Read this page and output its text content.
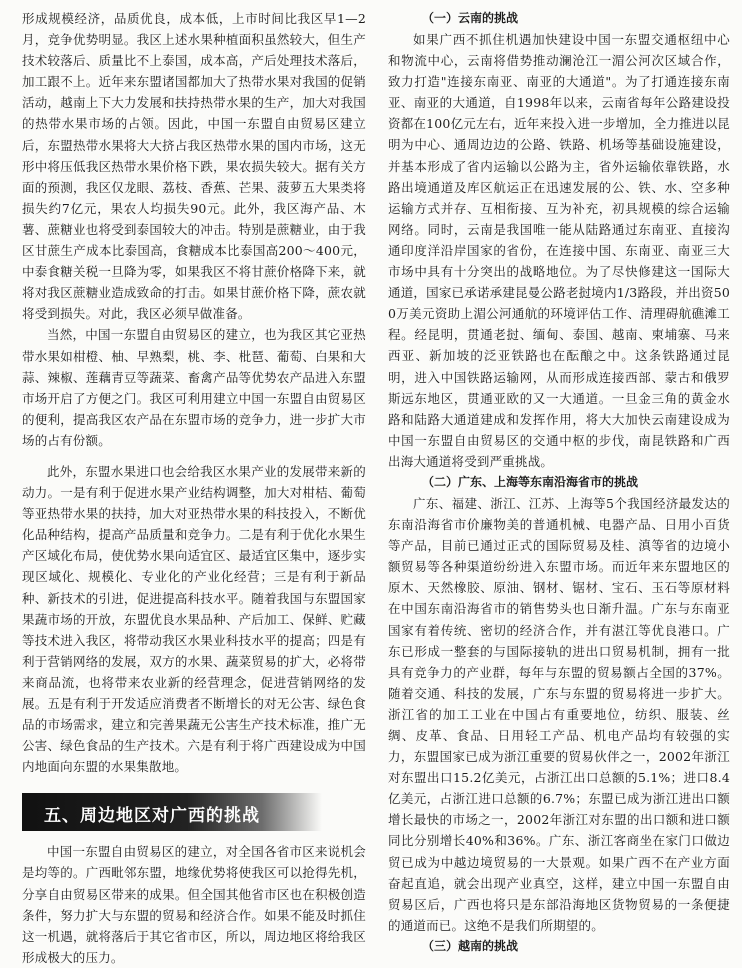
形成规模经济，品质优良，成本低，上市时间比我区早1—2月，竞争优势明显。我区上述水果种植面积虽然较大，但生产技术较落后、质量比不上泰国，成本高，产后处理技术落后，加工跟不上。近年来东盟诸国都加大了热带水果对我国的促销活动，越南上下大力发展和扶持热带水果的生产，加大对我国的热带水果市场的占领。因此，中国一东盟自由贸易区建立后，东盟热带水果将大大挤占我区热带水果的国内市场，这无形中将压低我区热带水果价格下跌，果农损失较大。据有关方面的预测，我区仅龙眼、荔枝、香蕉、芒果、菠萝五大果类将损失约7亿元，果农人均损失90元。此外，我区海产品、木薯、蔗糖业也将受到泰国较大的冲击。特别是蔗糖业，由于我区甘蔗生产成本比泰国高，食糖成本比泰国高200～400元，中泰食糖关税一旦降为零，如果我区不将甘蔗价格降下来，就将对我区蔗糖业造成致命的打击。如果甘蔗价格下降，蔗农就将受到损失。对此，我区必须早做准备。

当然，中国一东盟自由贸易区的建立，也为我区其它亚热带水果如柑橙、柚、早熟梨，桃、李、枇琶、葡萄、白果和大蒜、辣椒、莲藕青豆等蔬菜、畜禽产品等优势农产品进入东盟市场开启了方便之门。我区可利用建立中国一东盟自由贸易区的便利，提高我区农产品在东盟市场的竞争力，进一步扩大市场的占有份额。

此外，东盟水果进口也会给我区水果产业的发展带来新的动力。一是有利于促进水果产业结构调整，加大对柑桔、葡萄等亚热带水果的扶持，加大对亚热带水果的科技投入，不断优化品种结构，提高产品质量和竞争力。二是有利于优化水果生产区域化布局，使优势水果向适宜区、最适宜区集中，逐步实现区域化、规模化、专业化的产业化经营；三是有利于新品种、新技术的引进，促进提高科技水平。随着我国与东盟国家果蔬市场的开放，东盟优良水果品种、产后加工、保鲜、贮藏等技术进入我区，将带动我区水果业科技水平的提高；四是有利于营销网络的发展，双方的水果、蔬菜贸易的扩大，必将带来商品流，也将带来农业新的经营理念，促进营销网络的发展。五是有利于开发适应消费者不断增长的对无公害、绿色食品的市场需求，建立和完善果蔬无公害生产技术标准，推广无公害、绿色食品的生产技术。六是有利于将广西建设成为中国内地面向东盟的水果集散地。

五、周边地区对广西的挑战

中国一东盟自由贸易区的建立，对全国各省市区来说机会是均等的。广西毗邻东盟，地缘优势将使我区可以抢得先机，分享自由贸易区带来的成果。但全国其他省市区也在积极创造条件，努力扩大与东盟的贸易和经济合作。如果不能及时抓住这一机遇，就将落后于其它省市区，所以，周边地区将给我区形成极大的压力。

（一）云南的挑战

如果广西不抓住机遇加快建设中国一东盟交通枢纽中心和物流中心，云南将借势推动澜沧江一湄公河次区域合作，致力打造"连接东南亚、南亚的大通道"。为了打通连接东南亚、南亚的大通道，自1998年以来，云南省每年公路建设投资都在100亿元左右，近年来投入进一步增加，全力推进以昆明为中心、通周边边的公路、铁路、机场等基础设施建设，并基本形成了省内运输以公路为主，省外运输依靠铁路，水路出境通道及库区航运正在迅速发展的公、铁、水、空多种运输方式并存、互相衔接、互为补充，初具规模的综合运输网络。同时，云南是我国唯一能从陆路通过东南亚、直接沟通印度洋沿岸国家的省份，在连接中国、东南亚、南亚三大市场中具有十分突出的战略地位。为了尽快修建这一国际大通道，国家已承诺承建昆曼公路老挝境内1/3路段，并出资500万美元资助上湄公河通航的环境评估工作、清理碍航礁滩工程。经昆明，贯通老挝、缅甸、泰国、越南、柬埔寨、马来西亚、新加坡的泛亚铁路也在酝酿之中。这条铁路通过昆明，进入中国铁路运输网，从而形成连接西部、蒙古和俄罗斯远东地区，贯通亚欧的又一大通道。一旦金三角的黄金水路和陆路大通道建成和发挥作用，将大大加快云南建设成为中国一东盟自由贸易区的交通中枢的步伐，南昆铁路和广西出海大通道将受到严重挑战。

（二）广东、上海等东南沿海省市的挑战

广东、福建、浙江、江苏、上海等5个我国经济最发达的东南沿海省市价廉物美的普通机械、电器产品、日用小百货等产品，目前已通过正式的国际贸易及桂、滇等省的边境小额贸易等各种渠道纷纷进入东盟市场。而近年来东盟地区的原木、天然橡胶、原油、钢材、锯材、宝石、玉石等原材料在中国东南沿海省市的销售势头也日渐升温。广东与东南亚国家有着传统、密切的经济合作，并有湛江等优良港口。广东已形成一整套的与国际接轨的进出口贸易机制，拥有一批具有竞争力的产业群，每年与东盟的贸易额占全国的37%。随着交通、科技的发展，广东与东盟的贸易将进一步扩大。浙江省的加工工业在中国占有重要地位，纺织、服装、丝绸、皮革、食品、日用轻工产品、机电产品均有较强的实力，东盟国家已成为浙江重要的贸易伙伴之一，2002年浙江对东盟出口15.2亿美元，占浙江出口总额的5.1%；进口8.4亿美元，占浙江进口总额的6.7%；东盟已成为浙江进出口额增长最快的市场之一，2002年浙江对东盟的出口额和进口额同比分别增长40%和36%。广东、浙江客商坐在家门口做边贸已成为中越边境贸易的一大景观。如果广西不在产业方面奋起直追，就会出现产业真空，这样，建立中国一东盟自由贸易区后，广西也将只是东部沿海地区货物贸易的一条便捷的通道而已。这绝不是我们所期望的。

（三）越南的挑战
